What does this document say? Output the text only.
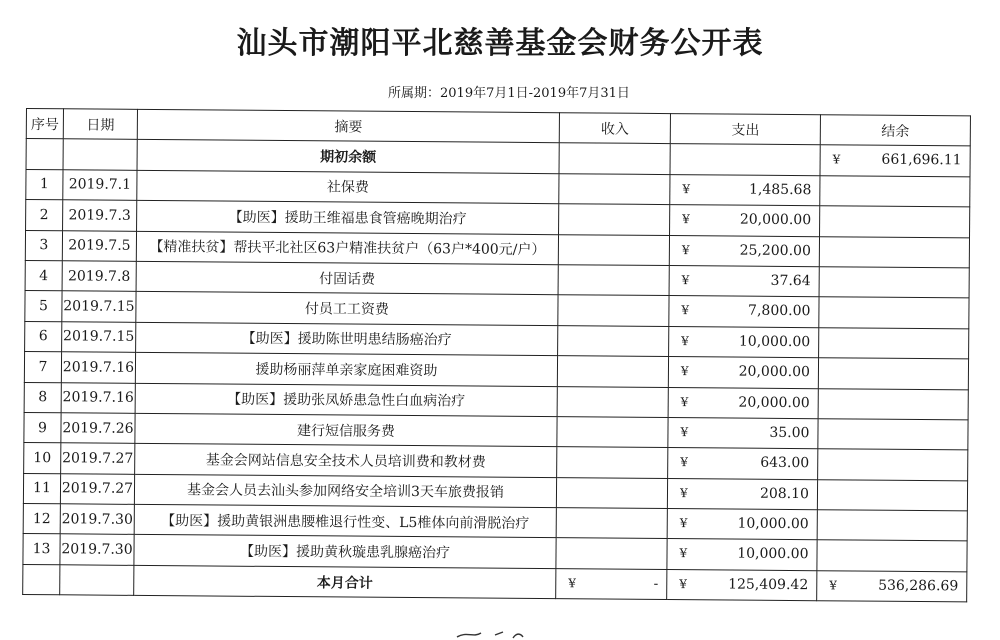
汕头市潮阳平北慈善基金会财务公开表
所属期：2019年7月1日-2019年7月31日
序号	日期	摘要	收入	支出	结余
		期初余额			¥ 661,696.11

1	2019.7.1	社保费		¥ 1,485.68	

2	2019.7.3	【助医】援助王维福患食管癌晚期治疗		¥ 20,000.00	

3	2019.7.5	【精准扶贫】帮扶平北社区63户精准扶贫户（63户*400元/户）		¥ 25,200.00	

4	2019.7.8	付固话费		¥ 37.64	

5	2019.7.15	付员工工资费		¥ 7,800.00	

6	2019.7.15	【助医】援助陈世明患结肠癌治疗		¥ 10,000.00	

7	2019.7.16	援助杨丽萍单亲家庭困难资助		¥ 20,000.00	

8	2019.7.16	【助医】援助张凤娇患急性白血病治疗		¥ 20,000.00	

9	2019.7.26	建行短信服务费		¥ 35.00	

10	2019.7.27	基金会网站信息安全技术人员培训费和教材费		¥ 643.00	

11	2019.7.27	基金会人员去汕头参加网络安全培训3天车旅费报销		¥ 208.10	

12	2019.7.30	【助医】援助黄银洲患腰椎退行性变、L5椎体向前滑脱治疗		¥ 10,000.00	

13	2019.7.30	【助医】援助黄秋璇患乳腺癌治疗		¥ 10,000.00	

		本月合计	¥ -	¥ 125,409.42	¥ 536,286.69
